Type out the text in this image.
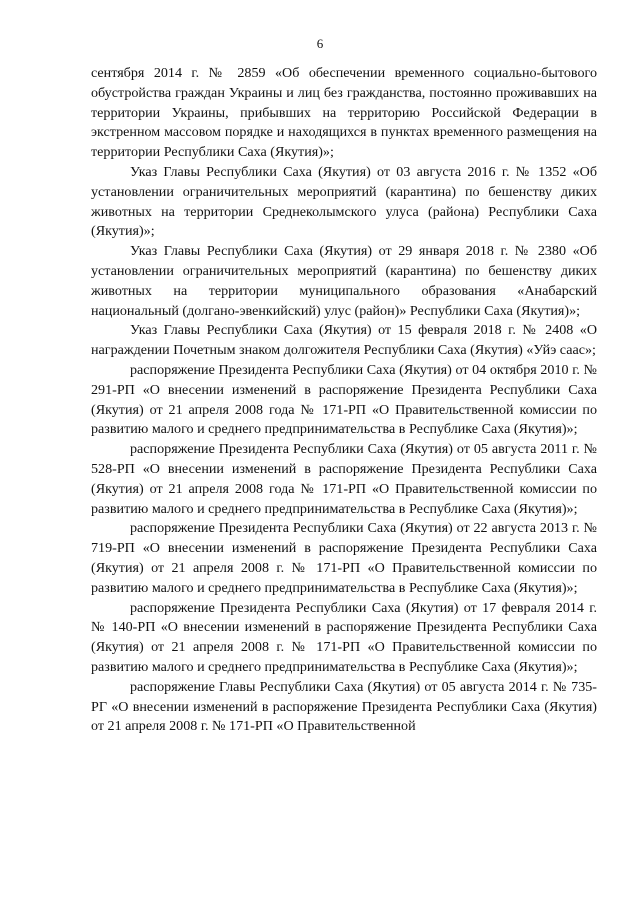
6

сентября 2014 г. № 2859 «Об обеспечении временного социально-бытового обустройства граждан Украины и лиц без гражданства, постоянно проживавших на территории Украины, прибывших на территорию Российской Федерации в экстренном массовом порядке и находящихся в пунктах временного размещения на территории Республики Саха (Якутия)»;

Указ Главы Республики Саха (Якутия) от 03 августа 2016 г. № 1352 «Об установлении ограничительных мероприятий (карантина) по бешенству диких животных на территории Среднеколымского улуса (района) Республики Саха (Якутия)»;

Указ Главы Республики Саха (Якутия) от 29 января 2018 г. № 2380 «Об установлении ограничительных мероприятий (карантина) по бешенству диких животных на территории муниципального образования «Анабарский национальный (долгано-эвенкийский) улус (район)» Республики Саха (Якутия)»;

Указ Главы Республики Саха (Якутия) от 15 февраля 2018 г. № 2408 «О награждении Почетным знаком долгожителя Республики Саха (Якутия) «Уйэ саас»;

распоряжение Президента Республики Саха (Якутия) от 04 октября 2010 г. № 291-РП «О внесении изменений в распоряжение Президента Республики Саха (Якутия) от 21 апреля 2008 года № 171-РП «О Правительственной комиссии по развитию малого и среднего предпринимательства в Республике Саха (Якутия)»;

распоряжение Президента Республики Саха (Якутия) от 05 августа 2011 г. № 528-РП «О внесении изменений в распоряжение Президента Республики Саха (Якутия) от 21 апреля 2008 года № 171-РП «О Правительственной комиссии по развитию малого и среднего предпринимательства в Республике Саха (Якутия)»;

распоряжение Президента Республики Саха (Якутия) от 22 августа 2013 г. № 719-РП «О внесении изменений в распоряжение Президента Республики Саха (Якутия) от 21 апреля 2008 г. № 171-РП «О Правительственной комиссии по развитию малого и среднего предпринимательства в Республике Саха (Якутия)»;

распоряжение Президента Республики Саха (Якутия) от 17 февраля 2014 г. № 140-РП «О внесении изменений в распоряжение Президента Республики Саха (Якутия) от 21 апреля 2008 г. № 171-РП «О Правительственной комиссии по развитию малого и среднего предпринимательства в Республике Саха (Якутия)»;

распоряжение Главы Республики Саха (Якутия) от 05 августа 2014 г. № 735-РГ «О внесении изменений в распоряжение Президента Республики Саха (Якутия) от 21 апреля 2008 г. № 171-РП «О Правительственной
